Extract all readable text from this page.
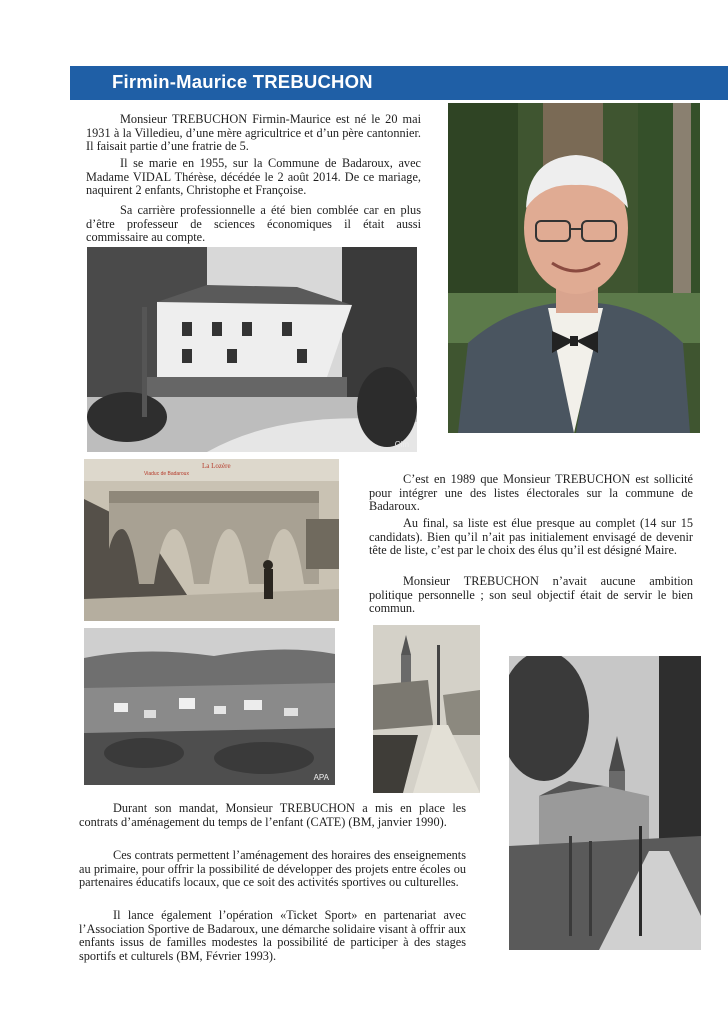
Firmin-Maurice TREBUCHON

Monsieur TREBUCHON Firmin-Maurice est né le 20 mai 1931 à la Villedieu, d’une mère agricultrice et d’un père cantonnier. Il faisait partie d’une fratrie de 5.

Il se marie en 1955, sur la Commune de Badaroux, avec Madame VIDAL Thérèse, décédée le 2 août 2014. De ce mariage, naquirent 2 enfants, Christophe et Françoise.

Sa carrière professionnelle a été bien comblée car en plus d’être professeur de sciences économiques il était aussi commissaire au compte.

Cim
La Lozère
Viaduc de Badaroux	C’est en 1989 que Monsieur TREBUCHON est sollicité pour intégrer une des listes électorales sur la commune de Badaroux.

Au final, sa liste est élue presque au complet (14 sur 15 candidats). Bien qu’il n’ait pas initialement envisagé de devenir tête de liste, c’est par le choix des élus qu’il est désigné Maire.

Monsieur TREBUCHON n’avait aucune ambition politique personnelle ; son seul objectif était de servir le bien commun.

APA

Durant son mandat, Monsieur TREBUCHON a mis en place les contrats d’aménagement du temps de l’enfant (CATE) (BM, janvier 1990).

Ces contrats permettent l’aménagement des horaires des enseignements au primaire, pour offrir la possibilité de développer des projets entre écoles ou partenaires éducatifs locaux, que ce soit des activités sportives ou culturelles.

Il lance également l’opération «Ticket Sport» en partenariat avec l’Association Sportive de Badaroux, une démarche solidaire visant à offrir aux enfants issus de familles modestes la possibilité de participer à des stages sportifs et culturels (BM, Février 1993).
